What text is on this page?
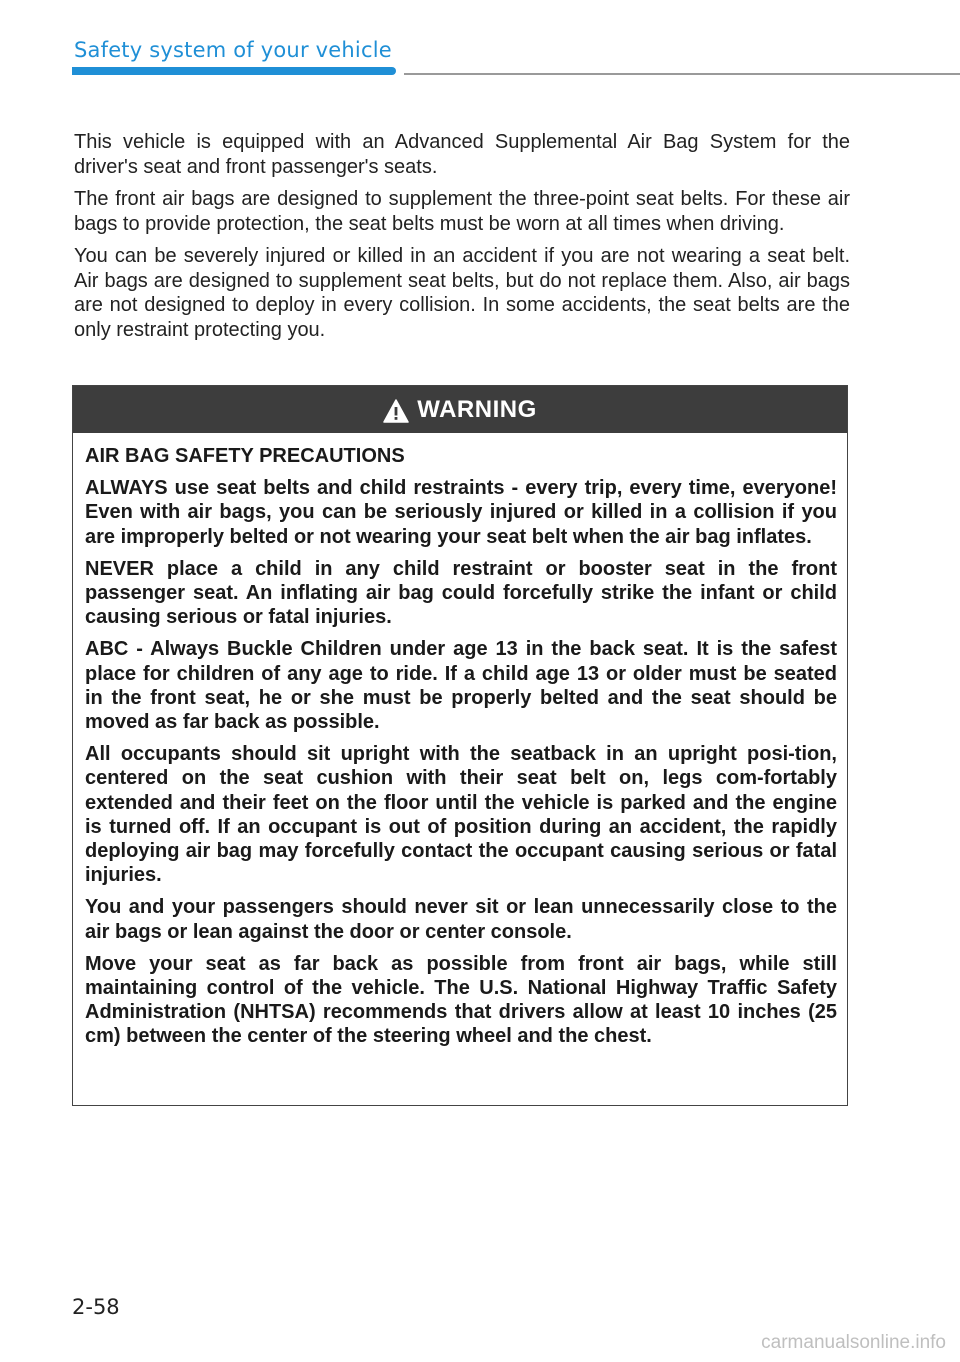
Safety system of your vehicle

This vehicle is equipped with an Advanced Supplemental Air Bag System for the driver's seat and front passenger's seats.

The front air bags are designed to supplement the three-point seat belts. For these air bags to provide protection, the seat belts must be worn at all times when driving.

You can be severely injured or killed in an accident if you are not wearing a seat belt. Air bags are designed to supplement seat belts, but do not replace them. Also, air bags are not designed to deploy in every collision. In some accidents, the seat belts are the only restraint protecting you.

WARNING

AIR BAG SAFETY PRECAUTIONS

ALWAYS use seat belts and child restraints - every trip, every time, everyone! Even with air bags, you can be seriously injured or killed in a collision if you are improperly belted or not wearing your seat belt when the air bag inflates.

NEVER place a child in any child restraint or booster seat in the front passenger seat. An inflating air bag could forcefully strike the infant or child causing serious or fatal injuries.

ABC - Always Buckle Children under age 13 in the back seat. It is the safest place for children of any age to ride. If a child age 13 or older must be seated in the front seat, he or she must be properly belted and the seat should be moved as far back as possible.

All occupants should sit upright with the seatback in an upright posi-tion, centered on the seat cushion with their seat belt on, legs com-fortably extended and their feet on the floor until the vehicle is parked and the engine is turned off. If an occupant is out of position during an accident, the rapidly deploying air bag may forcefully contact the occupant causing serious or fatal injuries.

You and your passengers should never sit or lean unnecessarily close to the air bags or lean against the door or center console.

Move your seat as far back as possible from front air bags, while still maintaining control of the vehicle. The U.S. National Highway Traffic Safety Administration (NHTSA) recommends that drivers allow at least 10 inches (25 cm) between the center of the steering wheel and the chest.

2-58
carmanualsonline.info
